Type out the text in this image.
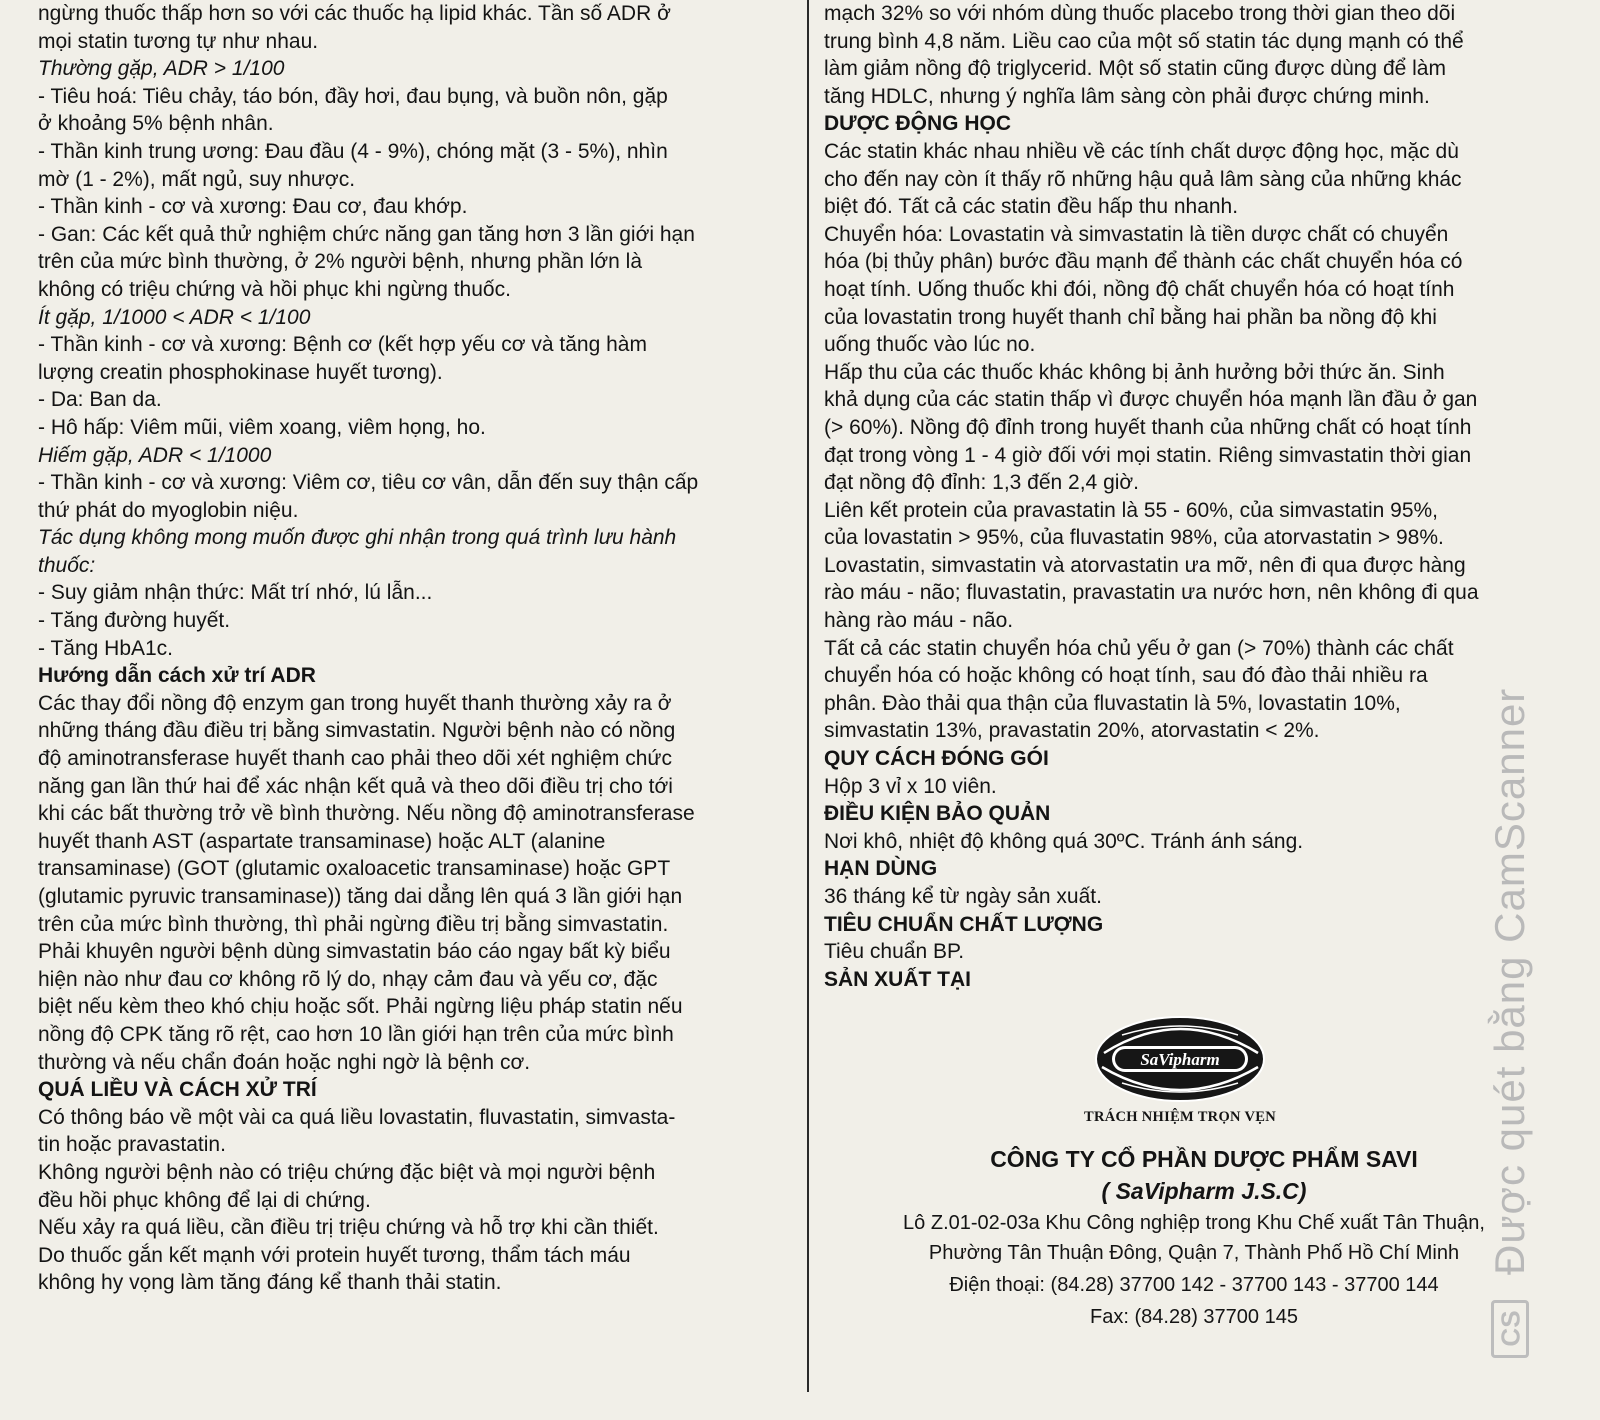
ngừng thuốc thấp hơn so với các thuốc hạ lipid khác. Tần số ADR ở

mọi statin tương tự như nhau.

Thường gặp, ADR > 1/100

- Tiêu hoá: Tiêu chảy, táo bón, đầy hơi, đau bụng, và buồn nôn, gặp

ở khoảng 5% bệnh nhân.

- Thần kinh trung ương: Đau đầu (4 - 9%), chóng mặt (3 - 5%), nhìn

mờ (1 - 2%), mất ngủ, suy nhược.

- Thần kinh - cơ và xương: Đau cơ, đau khớp.

- Gan: Các kết quả thử nghiệm chức năng gan tăng hơn 3 lần giới hạn

trên của mức bình thường, ở 2% người bệnh, nhưng phần lớn là

không có triệu chứng và hồi phục khi ngừng thuốc.

Ít gặp, 1/1000 < ADR < 1/100

- Thần kinh - cơ và xương: Bệnh cơ (kết hợp yếu cơ và tăng hàm

lượng creatin phosphokinase huyết tương).

- Da: Ban da.

- Hô hấp: Viêm mũi, viêm xoang, viêm họng, ho.

Hiếm gặp, ADR < 1/1000

- Thần kinh - cơ và xương: Viêm cơ, tiêu cơ vân, dẫn đến suy thận cấp

thứ phát do myoglobin niệu.

Tác dụng không mong muốn được ghi nhận trong quá trình lưu hành

thuốc:

- Suy giảm nhận thức: Mất trí nhớ, lú lẫn...

- Tăng đường huyết.

- Tăng HbA1c.

Hướng dẫn cách xử trí ADR

Các thay đổi nồng độ enzym gan trong huyết thanh thường xảy ra ở

những tháng đầu điều trị bằng simvastatin. Người bệnh nào có nồng

độ aminotransferase huyết thanh cao phải theo dõi xét nghiệm chức

năng gan lần thứ hai để xác nhận kết quả và theo dõi điều trị cho tới

khi các bất thường trở về bình thường. Nếu nồng độ aminotransferase

huyết thanh AST (aspartate transaminase) hoặc ALT (alanine

transaminase) (GOT (glutamic oxaloacetic transaminase) hoặc GPT

(glutamic pyruvic transaminase)) tăng dai dẳng lên quá 3 lần giới hạn

trên của mức bình thường, thì phải ngừng điều trị bằng simvastatin.

Phải khuyên người bệnh dùng simvastatin báo cáo ngay bất kỳ biểu

hiện nào như đau cơ không rõ lý do, nhạy cảm đau và yếu cơ, đặc

biệt nếu kèm theo khó chịu hoặc sốt. Phải ngừng liệu pháp statin nếu

nồng độ CPK tăng rõ rệt, cao hơn 10 lần giới hạn trên của mức bình

thường và nếu chẩn đoán hoặc nghi ngờ là bệnh cơ.

QUÁ LIỀU VÀ CÁCH XỬ TRÍ

Có thông báo về một vài ca quá liều lovastatin, fluvastatin, simvasta-

tin hoặc pravastatin.

Không người bệnh nào có triệu chứng đặc biệt và mọi người bệnh

đều hồi phục không để lại di chứng.

Nếu xảy ra quá liều, cần điều trị triệu chứng và hỗ trợ khi cần thiết.

Do thuốc gắn kết mạnh với protein huyết tương, thẩm tách máu

không hy vọng làm tăng đáng kể thanh thải statin.

mạch 32% so với nhóm dùng thuốc placebo trong thời gian theo dõi

trung bình 4,8 năm. Liều cao của một số statin tác dụng mạnh có thể

làm giảm nồng độ triglycerid. Một số statin cũng được dùng để làm

tăng HDLC, nhưng ý nghĩa lâm sàng còn phải được chứng minh.

DƯỢC ĐỘNG HỌC

Các statin khác nhau nhiều về các tính chất dược động học, mặc dù

cho đến nay còn ít thấy rõ những hậu quả lâm sàng của những khác

biệt đó. Tất cả các statin đều hấp thu nhanh.

Chuyển hóa: Lovastatin và simvastatin là tiền dược chất có chuyển

hóa (bị thủy phân) bước đầu mạnh để thành các chất chuyển hóa có

hoạt tính. Uống thuốc khi đói, nồng độ chất chuyển hóa có hoạt tính

của lovastatin trong huyết thanh chỉ bằng hai phần ba nồng độ khi

uống thuốc vào lúc no.

Hấp thu của các thuốc khác không bị ảnh hưởng bởi thức ăn. Sinh

khả dụng của các statin thấp vì được chuyển hóa mạnh lần đầu ở gan

(> 60%). Nồng độ đỉnh trong huyết thanh của những chất có hoạt tính

đạt trong vòng 1 - 4 giờ đối với mọi statin. Riêng simvastatin thời gian

đạt nồng độ đỉnh: 1,3 đến 2,4 giờ.

Liên kết protein của pravastatin là 55 - 60%, của simvastatin 95%,

của lovastatin > 95%, của fluvastatin 98%, của atorvastatin > 98%.

Lovastatin, simvastatin và atorvastatin ưa mỡ, nên đi qua được hàng

rào máu - não; fluvastatin, pravastatin ưa nước hơn, nên không đi qua

hàng rào máu - não.

Tất cả các statin chuyển hóa chủ yếu ở gan (> 70%) thành các chất

chuyển hóa có hoặc không có hoạt tính, sau đó đào thải nhiều ra

phân. Đào thải qua thận của fluvastatin là 5%, lovastatin 10%,

simvastatin 13%, pravastatin 20%, atorvastatin < 2%.

QUY CÁCH ĐÓNG GÓI

Hộp 3 vỉ x 10 viên.

ĐIỀU KIỆN BẢO QUẢN

Nơi khô, nhiệt độ không quá 30ºC. Tránh ánh sáng.

HẠN DÙNG

36 tháng kể từ ngày sản xuất.

TIÊU CHUẨN CHẤT LƯỢNG

Tiêu chuẩn BP.

SẢN XUẤT TẠI

SaVipharm
TRÁCH NHIỆM TRỌN VẸN
CÔNG TY CỔ PHẦN DƯỢC PHẨM SAVI
( SaVipharm J.S.C)
Lô Z.01-02-03a Khu Công nghiệp trong Khu Chế xuất Tân Thuận,
Phường Tân Thuận Đông, Quận 7, Thành Phố Hồ Chí Minh
Điện thoại: (84.28) 37700 142 - 37700 143 - 37700 144
Fax: (84.28) 37700 145
Được quét bằng CamScanner
CS
